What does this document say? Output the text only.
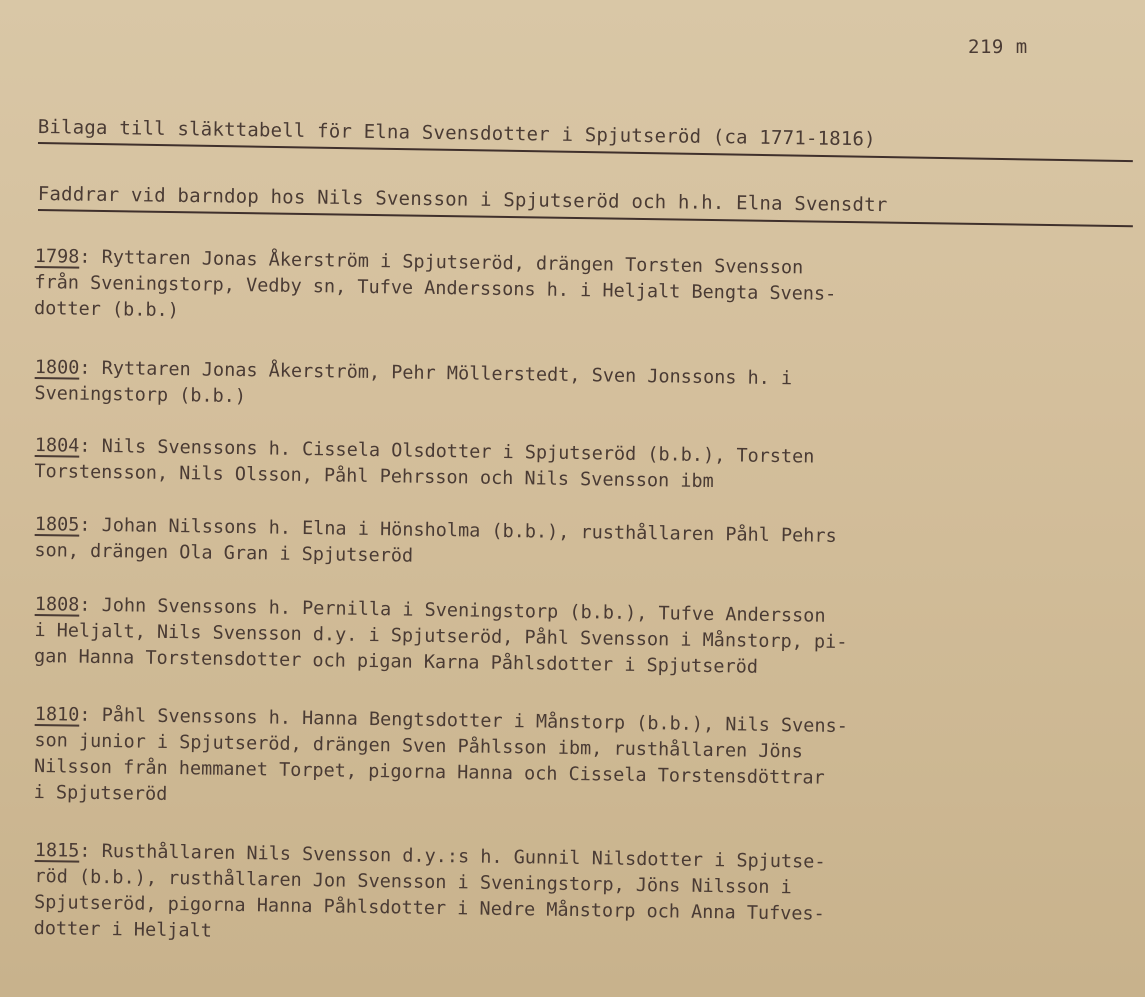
219 m
Bilaga till släkttabell för Elna Svensdotter i Spjutseröd (ca 1771-1816)
Faddrar vid barndop hos Nils Svensson i Spjutseröd och h.h. Elna Svensdtr
1798: Ryttaren Jonas Åkerström i Spjutseröd, drängen Torsten Svensson
från Sveningstorp, Vedby sn, Tufve Anderssons h. i Heljalt Bengta Svens-
dotter (b.b.)
1800: Ryttaren Jonas Åkerström, Pehr Möllerstedt, Sven Jonssons h. i
Sveningstorp (b.b.)
1804: Nils Svenssons h. Cissela Olsdotter i Spjutseröd (b.b.), Torsten
Torstensson, Nils Olsson, Påhl Pehrsson och Nils Svensson ibm
1805: Johan Nilssons h. Elna i Hönsholma (b.b.), rusthållaren Påhl Pehrs
son, drängen Ola Gran i Spjutseröd
1808: John Svenssons h. Pernilla i Sveningstorp (b.b.), Tufve Andersson
i Heljalt, Nils Svensson d.y. i Spjutseröd, Påhl Svensson i Månstorp, pi-
gan Hanna Torstensdotter och pigan Karna Påhlsdotter i Spjutseröd
1810: Påhl Svenssons h. Hanna Bengtsdotter i Månstorp (b.b.), Nils Svens-
son junior i Spjutseröd, drängen Sven Påhlsson ibm, rusthållaren Jöns
Nilsson från hemmanet Torpet, pigorna Hanna och Cissela Torstensdöttrar
i Spjutseröd
1815: Rusthållaren Nils Svensson d.y.:s h. Gunnil Nilsdotter i Spjutse-
röd (b.b.), rusthållaren Jon Svensson i Sveningstorp, Jöns Nilsson i
Spjutseröd, pigorna Hanna Påhlsdotter i Nedre Månstorp och Anna Tufves-
dotter i Heljalt
